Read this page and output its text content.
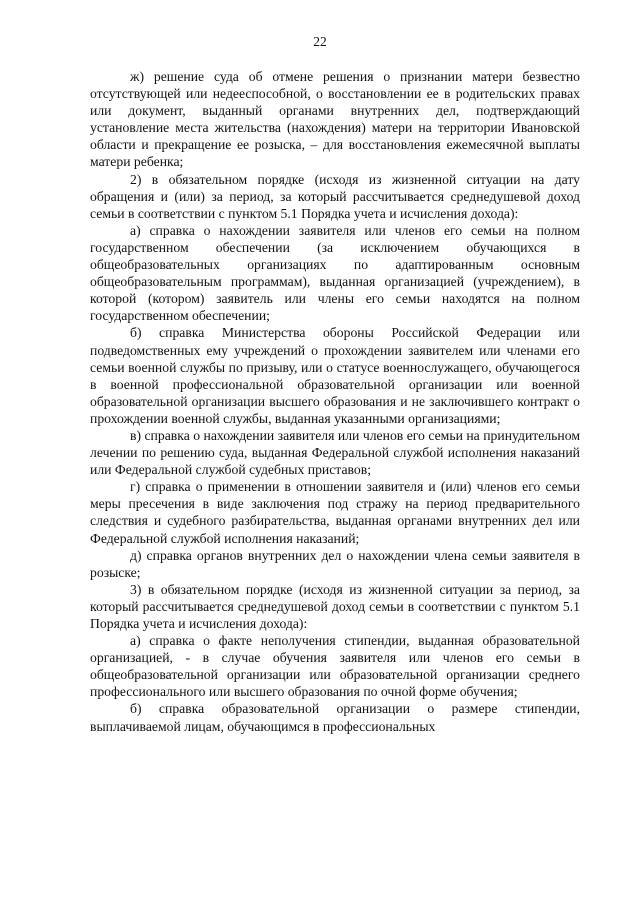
22

ж) решение суда об отмене решения о признании матери безвестно отсутствующей или недееспособной, о восстановлении ее в родительских правах или документ, выданный органами внутренних дел, подтверждающий установление места жительства (нахождения) матери на территории Ивановской области и прекращение ее розыска, – для восстановления ежемесячной выплаты матери ребенка;

2) в обязательном порядке (исходя из жизненной ситуации на дату обращения и (или) за период, за который рассчитывается среднедушевой доход семьи в соответствии с пунктом 5.1 Порядка учета и исчисления дохода):

а) справка о нахождении заявителя или членов его семьи на полном государственном обеспечении (за исключением обучающихся в общеобразовательных организациях по адаптированным основным общеобразовательным программам), выданная организацией (учреждением), в которой (котором) заявитель или члены его семьи находятся на полном государственном обеспечении;

б) справка Министерства обороны Российской Федерации или подведомственных ему учреждений о прохождении заявителем или членами его семьи военной службы по призыву, или о статусе военнослужащего, обучающегося в военной профессиональной образовательной организации или военной образовательной организации высшего образования и не заключившего контракт о прохождении военной службы, выданная указанными организациями;

в) справка о нахождении заявителя или членов его семьи на принудительном лечении по решению суда, выданная Федеральной службой исполнения наказаний или Федеральной службой судебных приставов;

г) справка о применении в отношении заявителя и (или) членов его семьи меры пресечения в виде заключения под стражу на период предварительного следствия и судебного разбирательства, выданная органами внутренних дел или Федеральной службой исполнения наказаний;

д) справка органов внутренних дел о нахождении члена семьи заявителя в розыске;

3) в обязательном порядке (исходя из жизненной ситуации за период, за который рассчитывается среднедушевой доход семьи в соответствии с пунктом 5.1 Порядка учета и исчисления дохода):

а) справка о факте неполучения стипендии, выданная образовательной организацией, - в случае обучения заявителя или членов его семьи в общеобразовательной организации или образовательной организации среднего профессионального или высшего образования по очной форме обучения;

б) справка образовательной организации о размере стипендии, выплачиваемой лицам, обучающимся в профессиональных
